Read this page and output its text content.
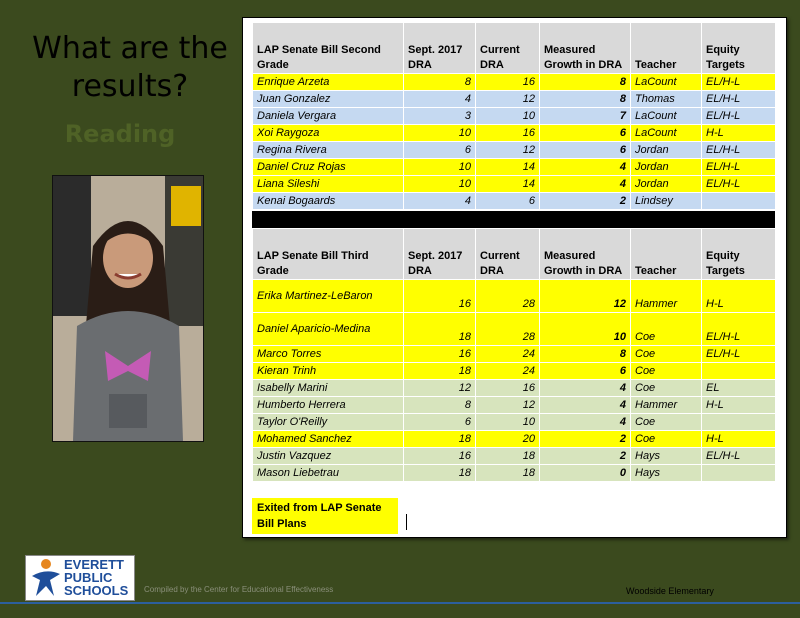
What are the results?
Reading
LAP Senate Bill Second Grade	Sept. 2017 DRA	Current DRA	Measured Growth in DRA	Teacher	Equity Targets
Enrique Arzeta	8	16	8	LaCount	EL/H-L
Juan Gonzalez	4	12	8	Thomas	EL/H-L
Daniela Vergara	3	10	7	LaCount	EL/H-L
Xoi Raygoza	10	16	6	LaCount	H-L
Regina Rivera	6	12	6	Jordan	EL/H-L
Daniel Cruz Rojas	10	14	4	Jordan	EL/H-L
Liana Sileshi	10	14	4	Jordan	EL/H-L
Kenai Bogaards	4	6	2	Lindsey	
LAP Senate Bill Third Grade	Sept. 2017 DRA	Current DRA	Measured Growth in DRA	Teacher	Equity Targets
Erika Martinez-LeBaron	16	28	12	Hammer	H-L
Daniel Aparicio-Medina	18	28	10	Coe	EL/H-L
Marco Torres	16	24	8	Coe	EL/H-L
Kieran Trinh	18	24	6	Coe	
Isabelly Marini	12	16	4	Coe	EL
Humberto Herrera	8	12	4	Hammer	H-L
Taylor O'Reilly	6	10	4	Coe	
Mohamed Sanchez	18	20	2	Coe	H-L
Justin Vazquez	16	18	2	Hays	EL/H-L
Mason Liebetrau	18	18	0	Hays	
Exited from LAP Senate Bill Plans
EVERETT
PUBLIC
SCHOOLS Compiled by the Center for Educational Effectiveness	Woodside Elementary
